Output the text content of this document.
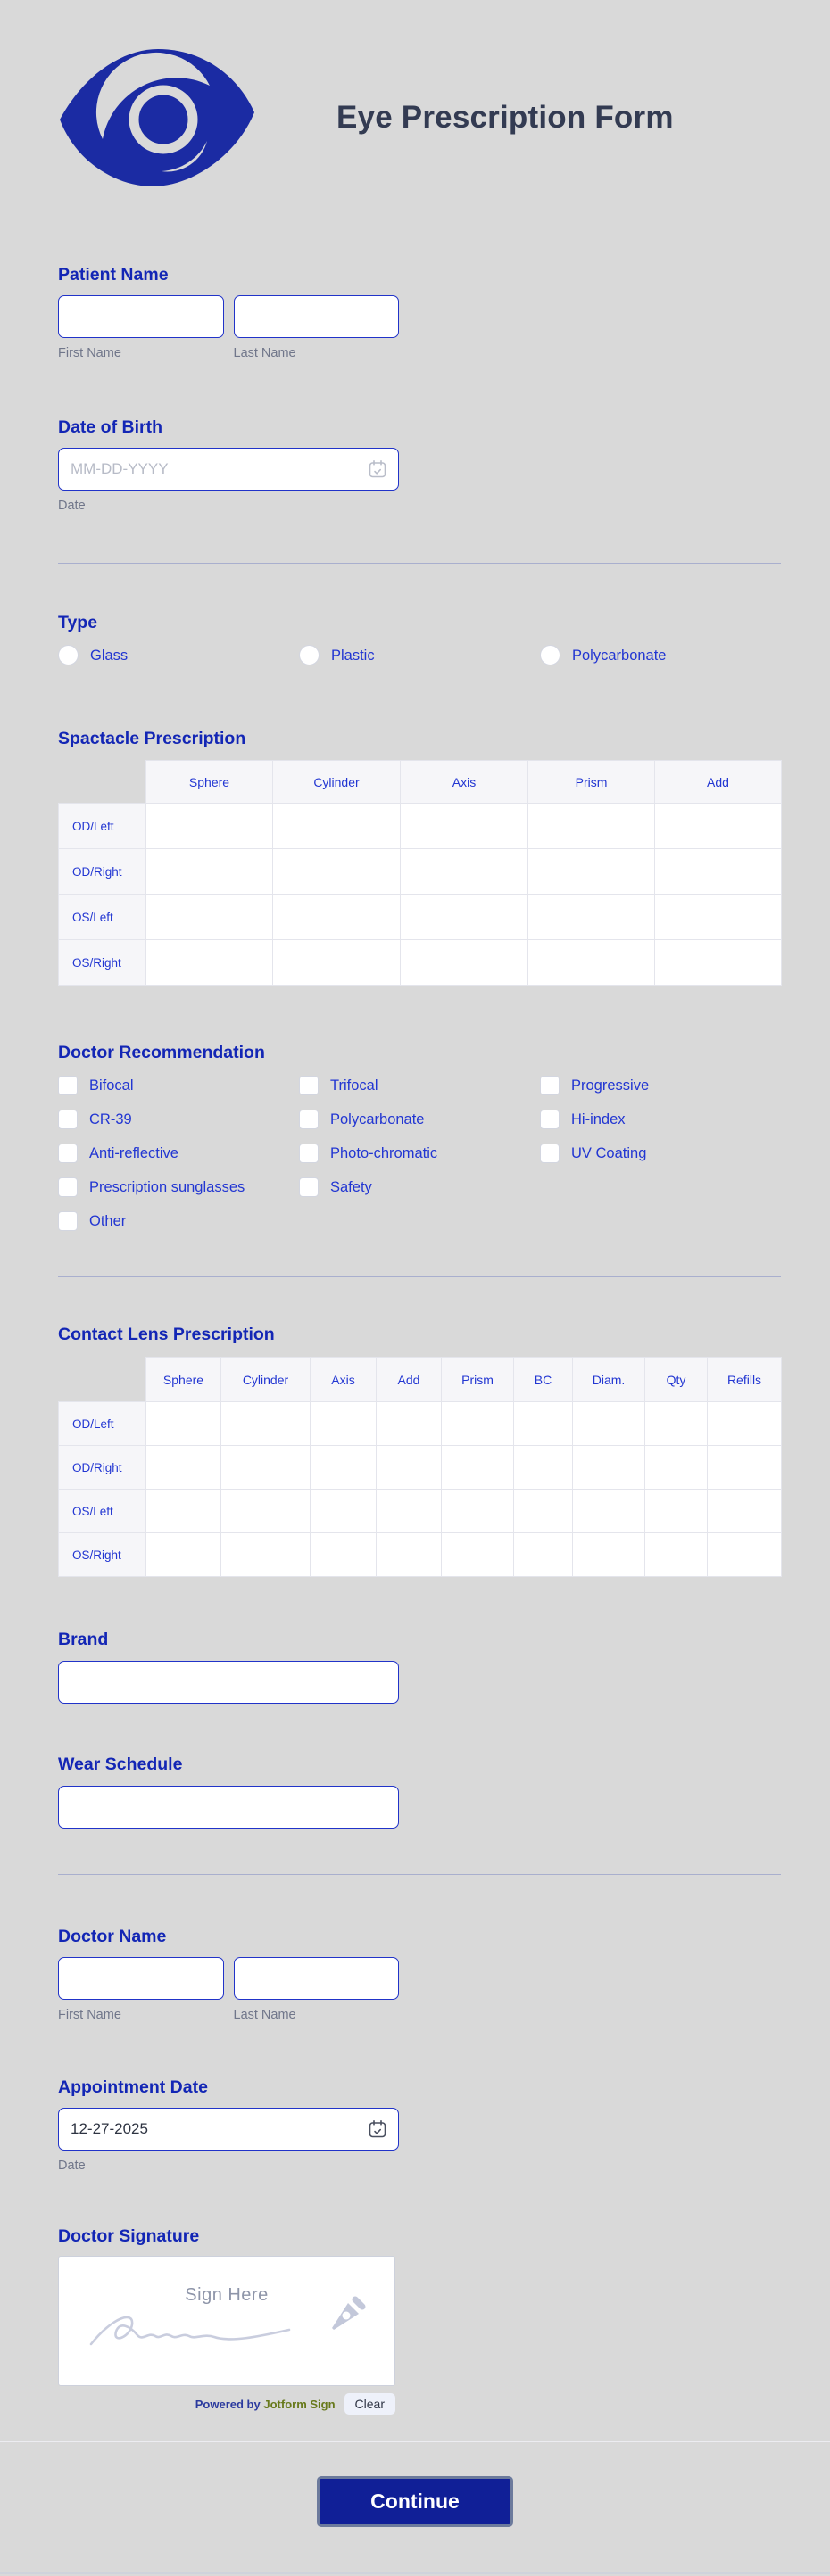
Eye Prescription Form
Patient Name
First Name	Last Name
Date of Birth
MM-DD-YYYY
Date
Type
Glass	Plastic	Polycarbonate
Spactacle Prescription
	Sphere	Cylinder	Axis	Prism	Add
OD/Left					
OD/Right					
OS/Left					
OS/Right					
Doctor Recommendation
Bifocal	Trifocal	Progressive
CR-39	Polycarbonate	Hi-index
Anti-reflective	Photo-chromatic	UV Coating
Prescription sunglasses	Safety
Other
Contact Lens Prescription
	Sphere	Cylinder	Axis	Add	Prism	BC	Diam.	Qty	Refills
OD/Left									
OD/Right									
OS/Left									
OS/Right									
Brand
Wear Schedule
Doctor Name
First Name	Last Name
Appointment Date
12-27-2025
Date
Doctor Signature
Sign Here
Powered by Jotform Sign	Clear
Continue
